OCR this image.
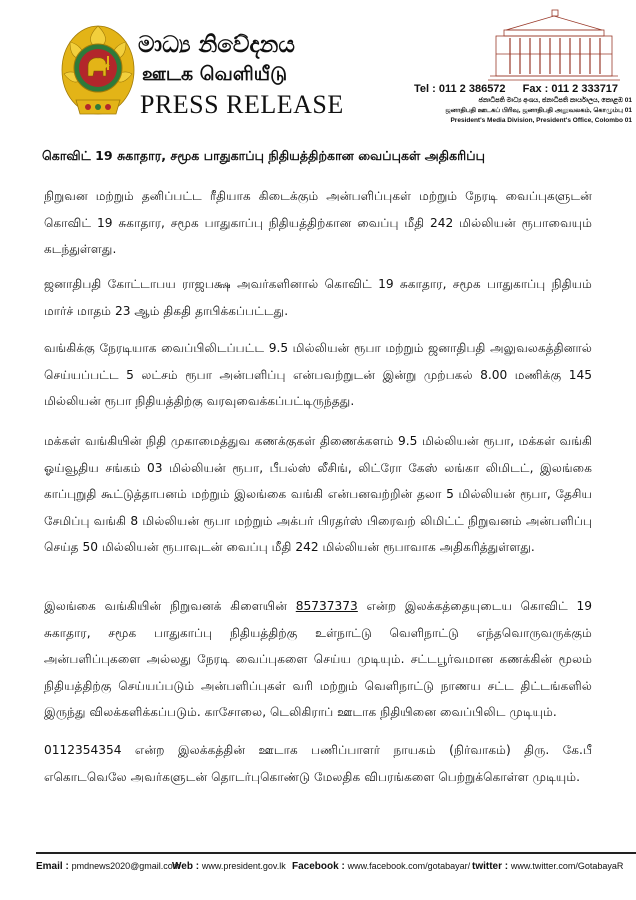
මාධ්‍ය නිවේදනය

ஊடக வெளியீடு

PRESS RELEASE

Tel : 011 2 386572 Fax : 011 2 333717
ජනාධිපති මාධ්‍ය අංශය, ජනාධිපති කාර්යාලය, කොළඹ 01
ஜனாதிபதி ஊடகப் பிரிவு, ஜனாதிபதி அலுவலகம், கொழும்பு 01
President's Media Division, President's Office, Colombo 01
கொவிட் 19 சுகாதார, சமூக பாதுகாப்பு நிதியத்திற்கான வைப்புகள் அதிகரிப்பு

நிறுவன மற்றும் தனிப்பட்ட ரீதியாக கிடைக்கும் அன்பளிப்புகள் மற்றும் நேரடி வைப்புகளுடன் கொவிட் 19 சுகாதார, சமூக பாதுகாப்பு நிதியத்திற்கான வைப்பு மீதி 242 மில்லியன் ரூபாவையும் கடந்துள்ளது.

ஜனாதிபதி கோட்டாபய ராஜபக்ஷ அவர்களினால் கொவிட் 19 சுகாதார, சமூக பாதுகாப்பு நிதியம் மார்ச் மாதம் 23 ஆம் திகதி தாபிக்கப்பட்டது.

வங்கிக்கு நேரடியாக வைப்பிலிடப்பட்ட 9.5 மில்லியன் ரூபா மற்றும் ஜனாதிபதி அலுவலகத்தினால் செய்யப்பட்ட 5 லட்சம் ரூபா அன்பளிப்பு என்பவற்றுடன் இன்று முற்பகல் 8.00 மணிக்கு 145 மில்லியன் ரூபா நிதியத்திற்கு வரவுவைக்கப்பட்டிருந்தது.

மக்கள் வங்கியின் நிதி முகாமைத்துவ கணக்குகள் திணைக்களம் 9.5 மில்லியன் ரூபா, மக்கள் வங்கி ஓய்வூதிய சங்கம் 03 மில்லியன் ரூபா, பீபல்ஸ் லீசிங், லிட்ரோ கேஸ் லங்கா லிமிடட், இலங்கை காப்புறுதி கூட்டுத்தாபனம் மற்றும் இலங்கை வங்கி என்பனவற்றின் தலா 5 மில்லியன் ரூபா, தேசிய சேமிப்பு வங்கி 8 மில்லியன் ரூபா மற்றும் அக்பர் பிரதர்ஸ் பிரைவற் லிமிட்ட் நிறுவனம் அன்பளிப்பு செய்த 50 மில்லியன் ரூபாவுடன் வைப்பு மீதி 242 மில்லியன் ரூபாவாக அதிகரித்துள்ளது.

இலங்கை வங்கியின் நிறுவனக் கிளையின் 85737373 என்ற இலக்கத்தையுடைய கொவிட் 19 சுகாதார, சமூக பாதுகாப்பு நிதியத்திற்கு உள்நாட்டு வெளிநாட்டு எந்தவொருவருக்கும் அன்பளிப்புகளை அல்லது நேரடி வைப்புகளை செய்ய முடியும். சட்டபூர்வமான கணக்கின் மூலம் நிதியத்திற்கு செய்யப்படும் அன்பளிப்புகள் வரி மற்றும் வெளிநாட்டு நாணய சட்ட திட்டங்களில் இருந்து விலக்களிக்கப்படும். காசோலை, டெலிகிராப் ஊடாக நிதியினை வைப்பிலிட முடியும்.

0112354354 என்ற இலக்கத்தின் ஊடாக பணிப்பாளர் நாயகம் (நிர்வாகம்) திரு. கே.பீ எகொடவெலே அவர்களுடன் தொடர்புகொண்டு மேலதிக விபரங்களை பெற்றுக்கொள்ள முடியும்.

Email : pmdnews2020@gmail.com
Web : www.president.gov.lk Facebook : www.facebook.com/gotabayar/ twitter : www.twitter.com/GotabayaR
